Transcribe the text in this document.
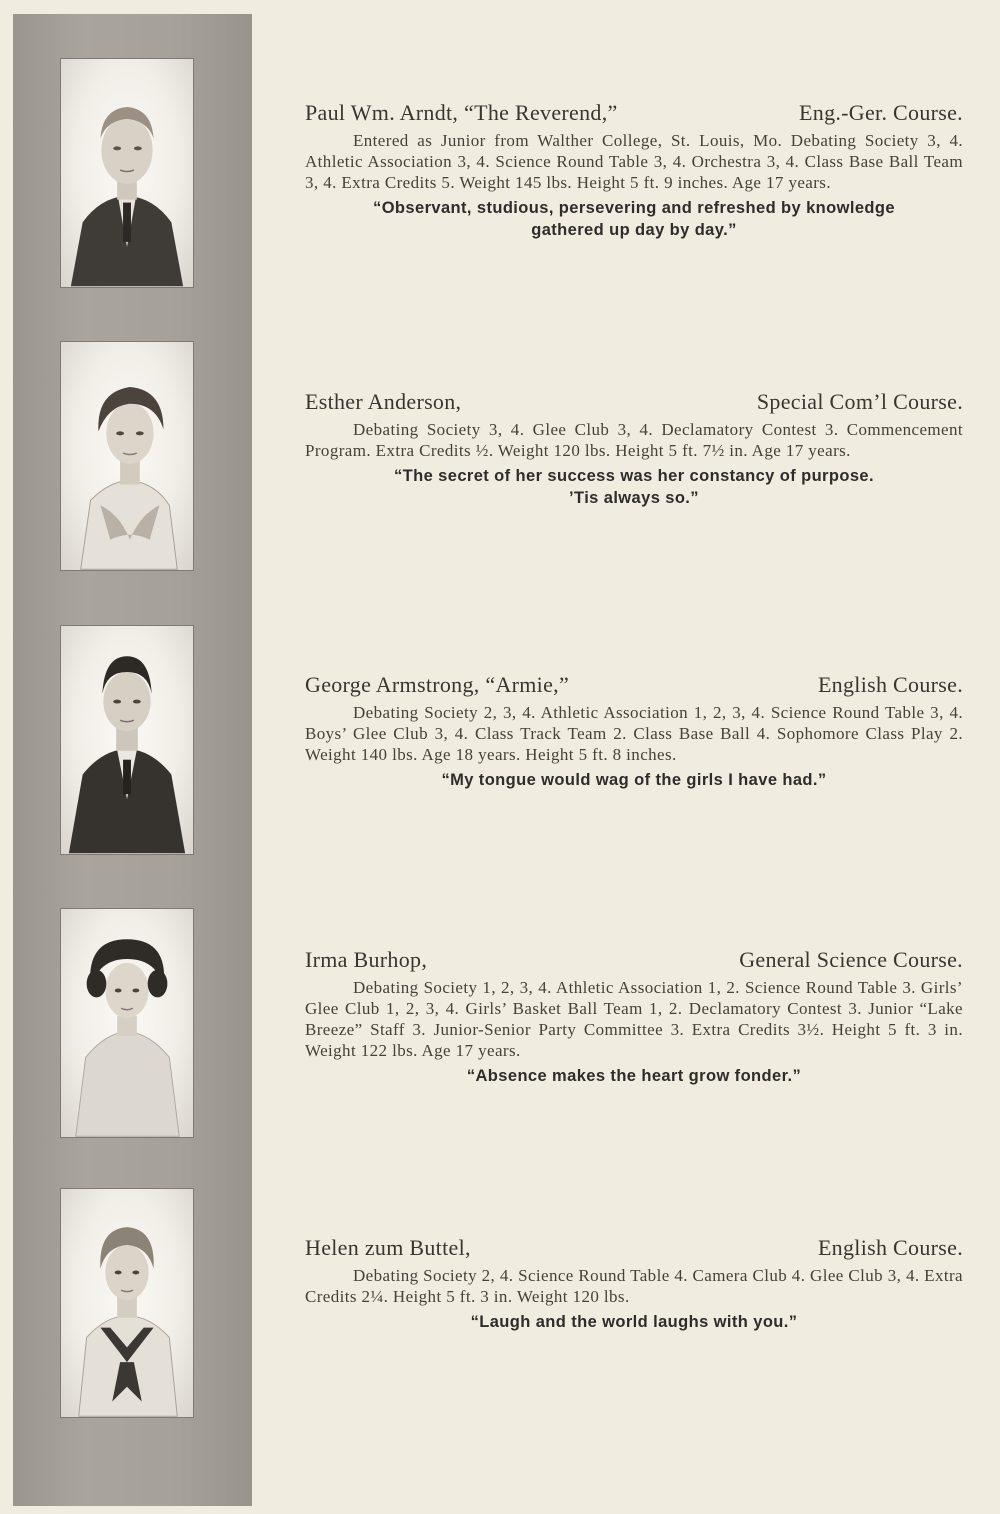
Paul Wm. Arndt, “The Reverend,”	Eng.-Ger. Course.
Entered as Junior from Walther College, St. Louis, Mo. Debating Society 3, 4. Athletic Association 3, 4. Science Round Table 3, 4. Orchestra 3, 4. Class Base Ball Team 3, 4. Extra Credits 5. Weight 145 lbs. Height 5 ft. 9 inches. Age 17 years.
“Observant, studious, persevering and refreshed by knowledge
gathered up day by day.”
Esther Anderson,	Special Com’l Course.
Debating Society 3, 4. Glee Club 3, 4. Declamatory Contest 3. Commencement Program. Extra Credits ½. Weight 120 lbs. Height 5 ft. 7½ in. Age 17 years.
“The secret of her success was her constancy of purpose.
’Tis always so.”
George Armstrong, “Armie,”	English Course.
Debating Society 2, 3, 4. Athletic Association 1, 2, 3, 4. Science Round Table 3, 4. Boys’ Glee Club 3, 4. Class Track Team 2. Class Base Ball 4. Sophomore Class Play 2. Weight 140 lbs. Age 18 years. Height 5 ft. 8 inches.
“My tongue would wag of the girls I have had.”
Irma Burhop,	General Science Course.
Debating Society 1, 2, 3, 4. Athletic Association 1, 2. Science Round Table 3. Girls’ Glee Club 1, 2, 3, 4. Girls’ Basket Ball Team 1, 2. Declamatory Contest 3. Junior “Lake Breeze” Staff 3. Junior-Senior Party Committee 3. Extra Credits 3½. Height 5 ft. 3 in. Weight 122 lbs. Age 17 years.
“Absence makes the heart grow fonder.”
Helen zum Buttel,	English Course.
Debating Society 2, 4. Science Round Table 4. Camera Club 4. Glee Club 3, 4. Extra Credits 2¼. Height 5 ft. 3 in. Weight 120 lbs.
“Laugh and the world laughs with you.”
